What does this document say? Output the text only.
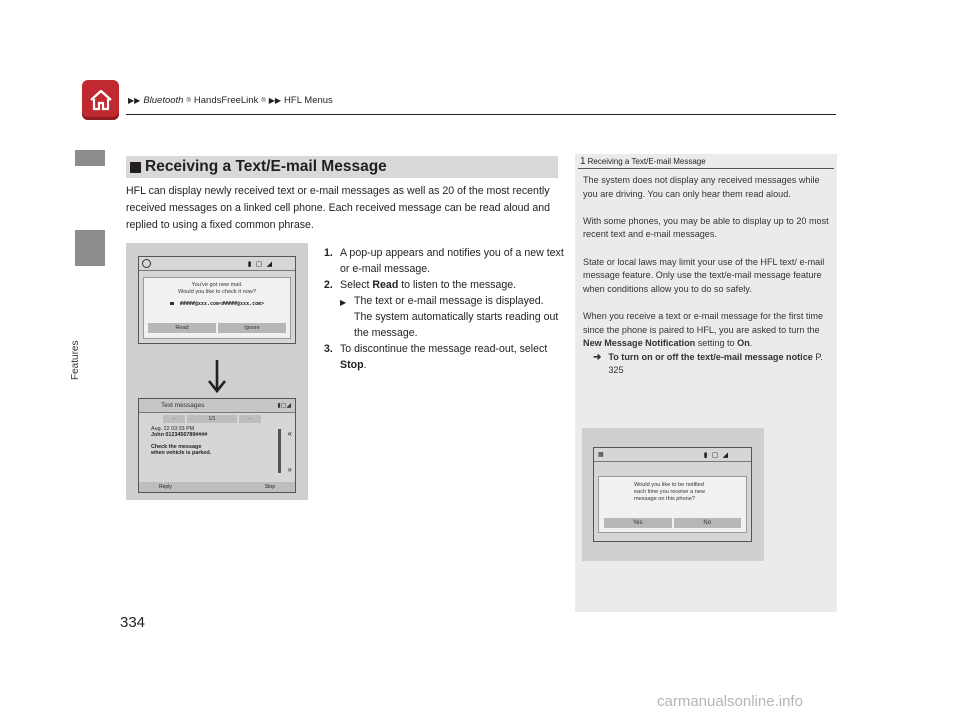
▶▶ Bluetooth ® HandsFreeLink ® ▶▶ HFL Menus
Features
334
Receiving a Text/E-mail Message
HFL can display newly received text or e-mail messages as well as 20 of the most recently received messages on a linked cell phone. Each received message can be read aloud and replied to using a fixed common phrase.
▮ ▢ ◢
You've got new mail.
Would you like to check it now?
#####@xxx.com<#####@xxx.com>
Read	Ignore
Text messages	▮▢◢
-	1/1	-
Aug. 22 03:33 PM
John 0123456789####
Check the message
when vehicle is parked.
«
»
Reply	Stop
1. A pop-up appears and notifies you of a new text or e-mail message.
2. Select Read to listen to the message.
▶ The text or e-mail message is displayed. The system automatically starts reading out the message.
3. To discontinue the message read-out, select Stop.
1 Receiving a Text/E-mail Message

The system does not display any received messages while you are driving. You can only hear them read aloud.

With some phones, you may be able to display up to 20 most recent text and e-mail messages.

State or local laws may limit your use of the HFL text/ e-mail message feature. Only use the text/e-mail message feature when conditions allow you to do so safely.

When you receive a text or e-mail message for the first time since the phone is paired to HFL, you are asked to turn the New Message Notification setting to On.

➜ To turn on or off the text/e-mail message notice P. 325
▦	▮ ▢ ◢
Would you like to be notified
each time you receive a new
message on this phone?
Yes	No
carmanualsonline.info
